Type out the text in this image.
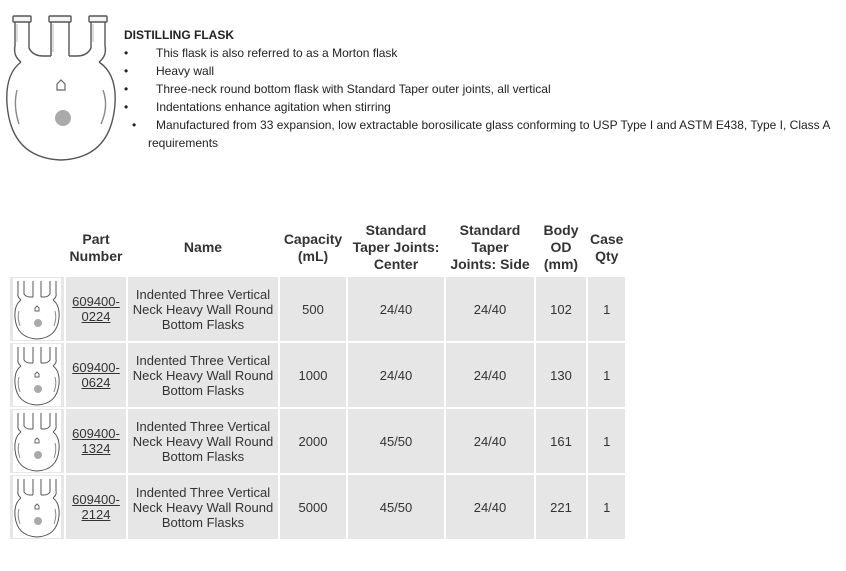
DISTILLING FLASK
• This flask is also referred to as a Morton flask
• Heavy wall
• Three-neck round bottom flask with Standard Taper outer joints, all vertical
• Indentations enhance agitation when stirring
• Manufactured from 33 expansion, low extractable borosilicate glass conforming to USP Type I and ASTM E438, Type I, Class A requirements
	Part Number	Name	Capacity (mL)	Standard Taper Joints: Center	Standard Taper Joints: Side	Body OD (mm)	Case Qty

	609400-
0224	Indented Three Vertical Neck Heavy Wall Round Bottom Flasks	500	24/40	24/40	102	1

	609400-
0624	Indented Three Vertical Neck Heavy Wall Round Bottom Flasks	1000	24/40	24/40	130	1

	609400-
1324	Indented Three Vertical Neck Heavy Wall Round Bottom Flasks	2000	45/50	24/40	161	1

	609400-
2124	Indented Three Vertical Neck Heavy Wall Round Bottom Flasks	5000	45/50	24/40	221	1
